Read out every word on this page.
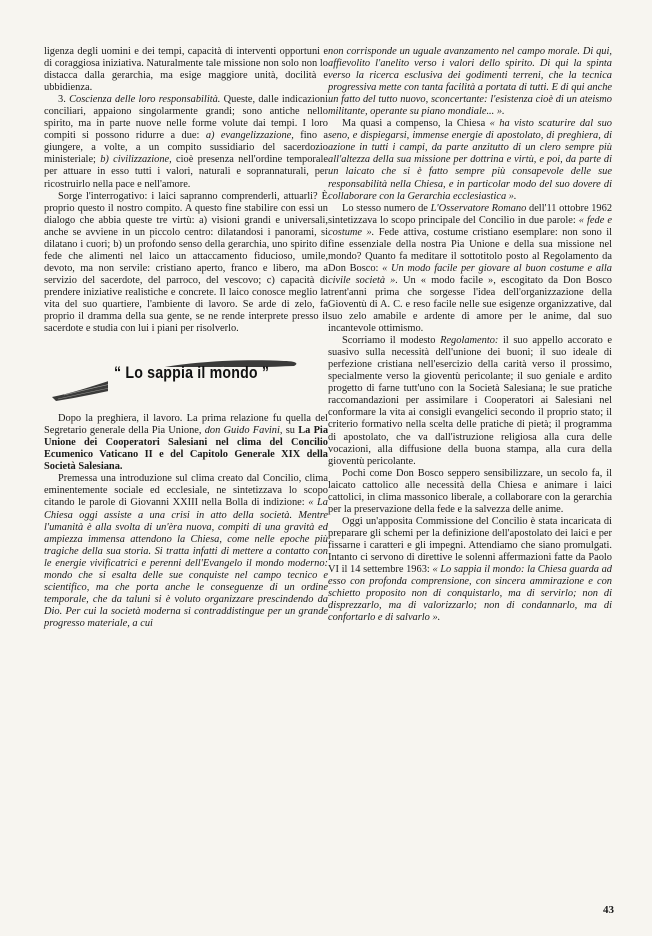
ligenza degli uomini e dei tempi, capacità di interventi opportuni e di coraggiosa iniziativa. Naturalmente tale missione non solo non lo distacca dalla gerarchia, ma esige maggiore unità, docilità e ubbidienza.

3. Coscienza delle loro responsabilità. Queste, dalle indicazioni conciliari, appaiono singolarmente grandi; sono antiche nello spirito, ma in parte nuove nelle forme volute dai tempi. I loro compiti si possono ridurre a due: a) evangelizzazione, fino a giungere, a volte, a un compito sussidiario del sacerdozio ministeriale; b) civilizzazione, cioè presenza nell'ordine temporale per attuare in esso tutti i valori, naturali e soprannaturali, per ricostruirlo nella pace e nell'amore.

Sorge l'interrogativo: i laici sapranno comprenderli, attuarli? È proprio questo il nostro compito. A questo fine stabilire con essi un dialogo che abbia queste tre virtù: a) visioni grandi e universali, anche se avviene in un piccolo centro: dilatandosi i panorami, si dilatano i cuori; b) un profondo senso della gerarchia, uno spirito di fede che alimenti nel laico un attaccamento fiducioso, umile, devoto, ma non servile: cristiano aperto, franco e libero, ma a servizio del sacerdote, del parroco, del vescovo; c) capacità di prendere iniziative realistiche e concrete. Il laico conosce meglio la vita del suo quartiere, l'ambiente di lavoro. Se arde di zelo, fa proprio il dramma della sua gente, se ne rende interprete presso il sacerdote e studia con lui i piani per risolverlo.

“ Lo sappia il mondo ”

Dopo la preghiera, il lavoro. La prima relazione fu quella del Segretario generale della Pia Unione, don Guido Favini, su La Pia Unione dei Cooperatori Salesiani nel clima del Concilio Ecumenico Vaticano II e del Capitolo Generale XIX della Società Salesiana.

Premessa una introduzione sul clima creato dal Concilio, clima eminentemente sociale ed ecclesiale, ne sintetizzava lo scopo citando le parole di Giovanni XXIII nella Bolla di indizione: « La Chiesa oggi assiste a una crisi in atto della società. Mentre l'umanità è alla svolta di un'èra nuova, compiti di una gravità ed ampiezza immensa attendono la Chiesa, come nelle epoche più tragiche della sua storia. Si tratta infatti di mettere a contatto con le energie vivificatrici e perenni dell'Evangelo il mondo moderno: mondo che si esalta delle sue conquiste nel campo tecnico e scientifico, ma che porta anche le conseguenze di un ordine temporale, che da taluni si è voluto organizzare prescindendo da Dio. Per cui la società moderna si contraddistingue per un grande progresso materiale, a cui

non corrisponde un uguale avanzamento nel campo morale. Di qui, affievolito l'anelito verso i valori dello spirito. Di qui la spinta verso la ricerca esclusiva dei godimenti terreni, che la tecnica progressiva mette con tanta facilità a portata di tutti. E di qui anche un fatto del tutto nuovo, sconcertante: l'esistenza cioè di un ateismo militante, operante su piano mondiale... ».

Ma quasi a compenso, la Chiesa « ha visto scaturire dal suo seno, e dispiegarsi, immense energie di apostolato, di preghiera, di azione in tutti i campi, da parte anzitutto di un clero sempre più all'altezza della sua missione per dottrina e virtù, e poi, da parte di un laicato che si è fatto sempre più consapevole delle sue responsabilità nella Chiesa, e in particolar modo del suo dovere di collaborare con la Gerarchia ecclesiastica ».

Lo stesso numero de L'Osservatore Romano dell'11 ottobre 1962 sintetizzava lo scopo principale del Concilio in due parole: « fede e costume ». Fede attiva, costume cristiano esemplare: non sono il fine essenziale della nostra Pia Unione e della sua missione nel mondo? Quanto fa meditare il sottotitolo posto al Regolamento da Don Bosco: « Un modo facile per giovare al buon costume e alla civile società ». Un « modo facile », escogitato da Don Bosco trent'anni prima che sorgesse l'idea dell'organizzazione della Gioventù di A. C. e reso facile nelle sue esigenze organizzative, dal suo zelo amabile e ardente di amore per le anime, dal suo incantevole ottimismo.

Scorriamo il modesto Regolamento: il suo appello accorato e suasivo sulla necessità dell'unione dei buoni; il suo ideale di perfezione cristiana nell'esercizio della carità verso il prossimo, specialmente verso la gioventù pericolante; il suo geniale e ardito progetto di farne tutt'uno con la Società Salesiana; le sue pratiche raccomandazioni per assimilare i Cooperatori ai Salesiani nel conformare la vita ai consigli evangelici secondo il proprio stato; il criterio formativo nella scelta delle pratiche di pietà; il programma di apostolato, che va dall'istruzione religiosa alla cura delle vocazioni, alla diffusione della buona stampa, alla cura della gioventù pericolante.

Pochi come Don Bosco seppero sensibilizzare, un secolo fa, il laicato cattolico alle necessità della Chiesa e animare i laici cattolici, in clima massonico liberale, a collaborare con la gerarchia per la preservazione della fede e la salvezza delle anime.

Oggi un'apposita Commissione del Concilio è stata incaricata di preparare gli schemi per la definizione dell'apostolato dei laici e per fissarne i caratteri e gli impegni. Attendiamo che siano promulgati. Intanto ci servono di direttive le solenni affermazioni fatte da Paolo VI il 14 settembre 1963: « Lo sappia il mondo: la Chiesa guarda ad esso con profonda comprensione, con sincera ammirazione e con schietto proposito non di conquistarlo, ma di servirlo; non di disprezzarlo, ma di valorizzarlo; non di condannarlo, ma di confortarlo e di salvarlo ».

43
